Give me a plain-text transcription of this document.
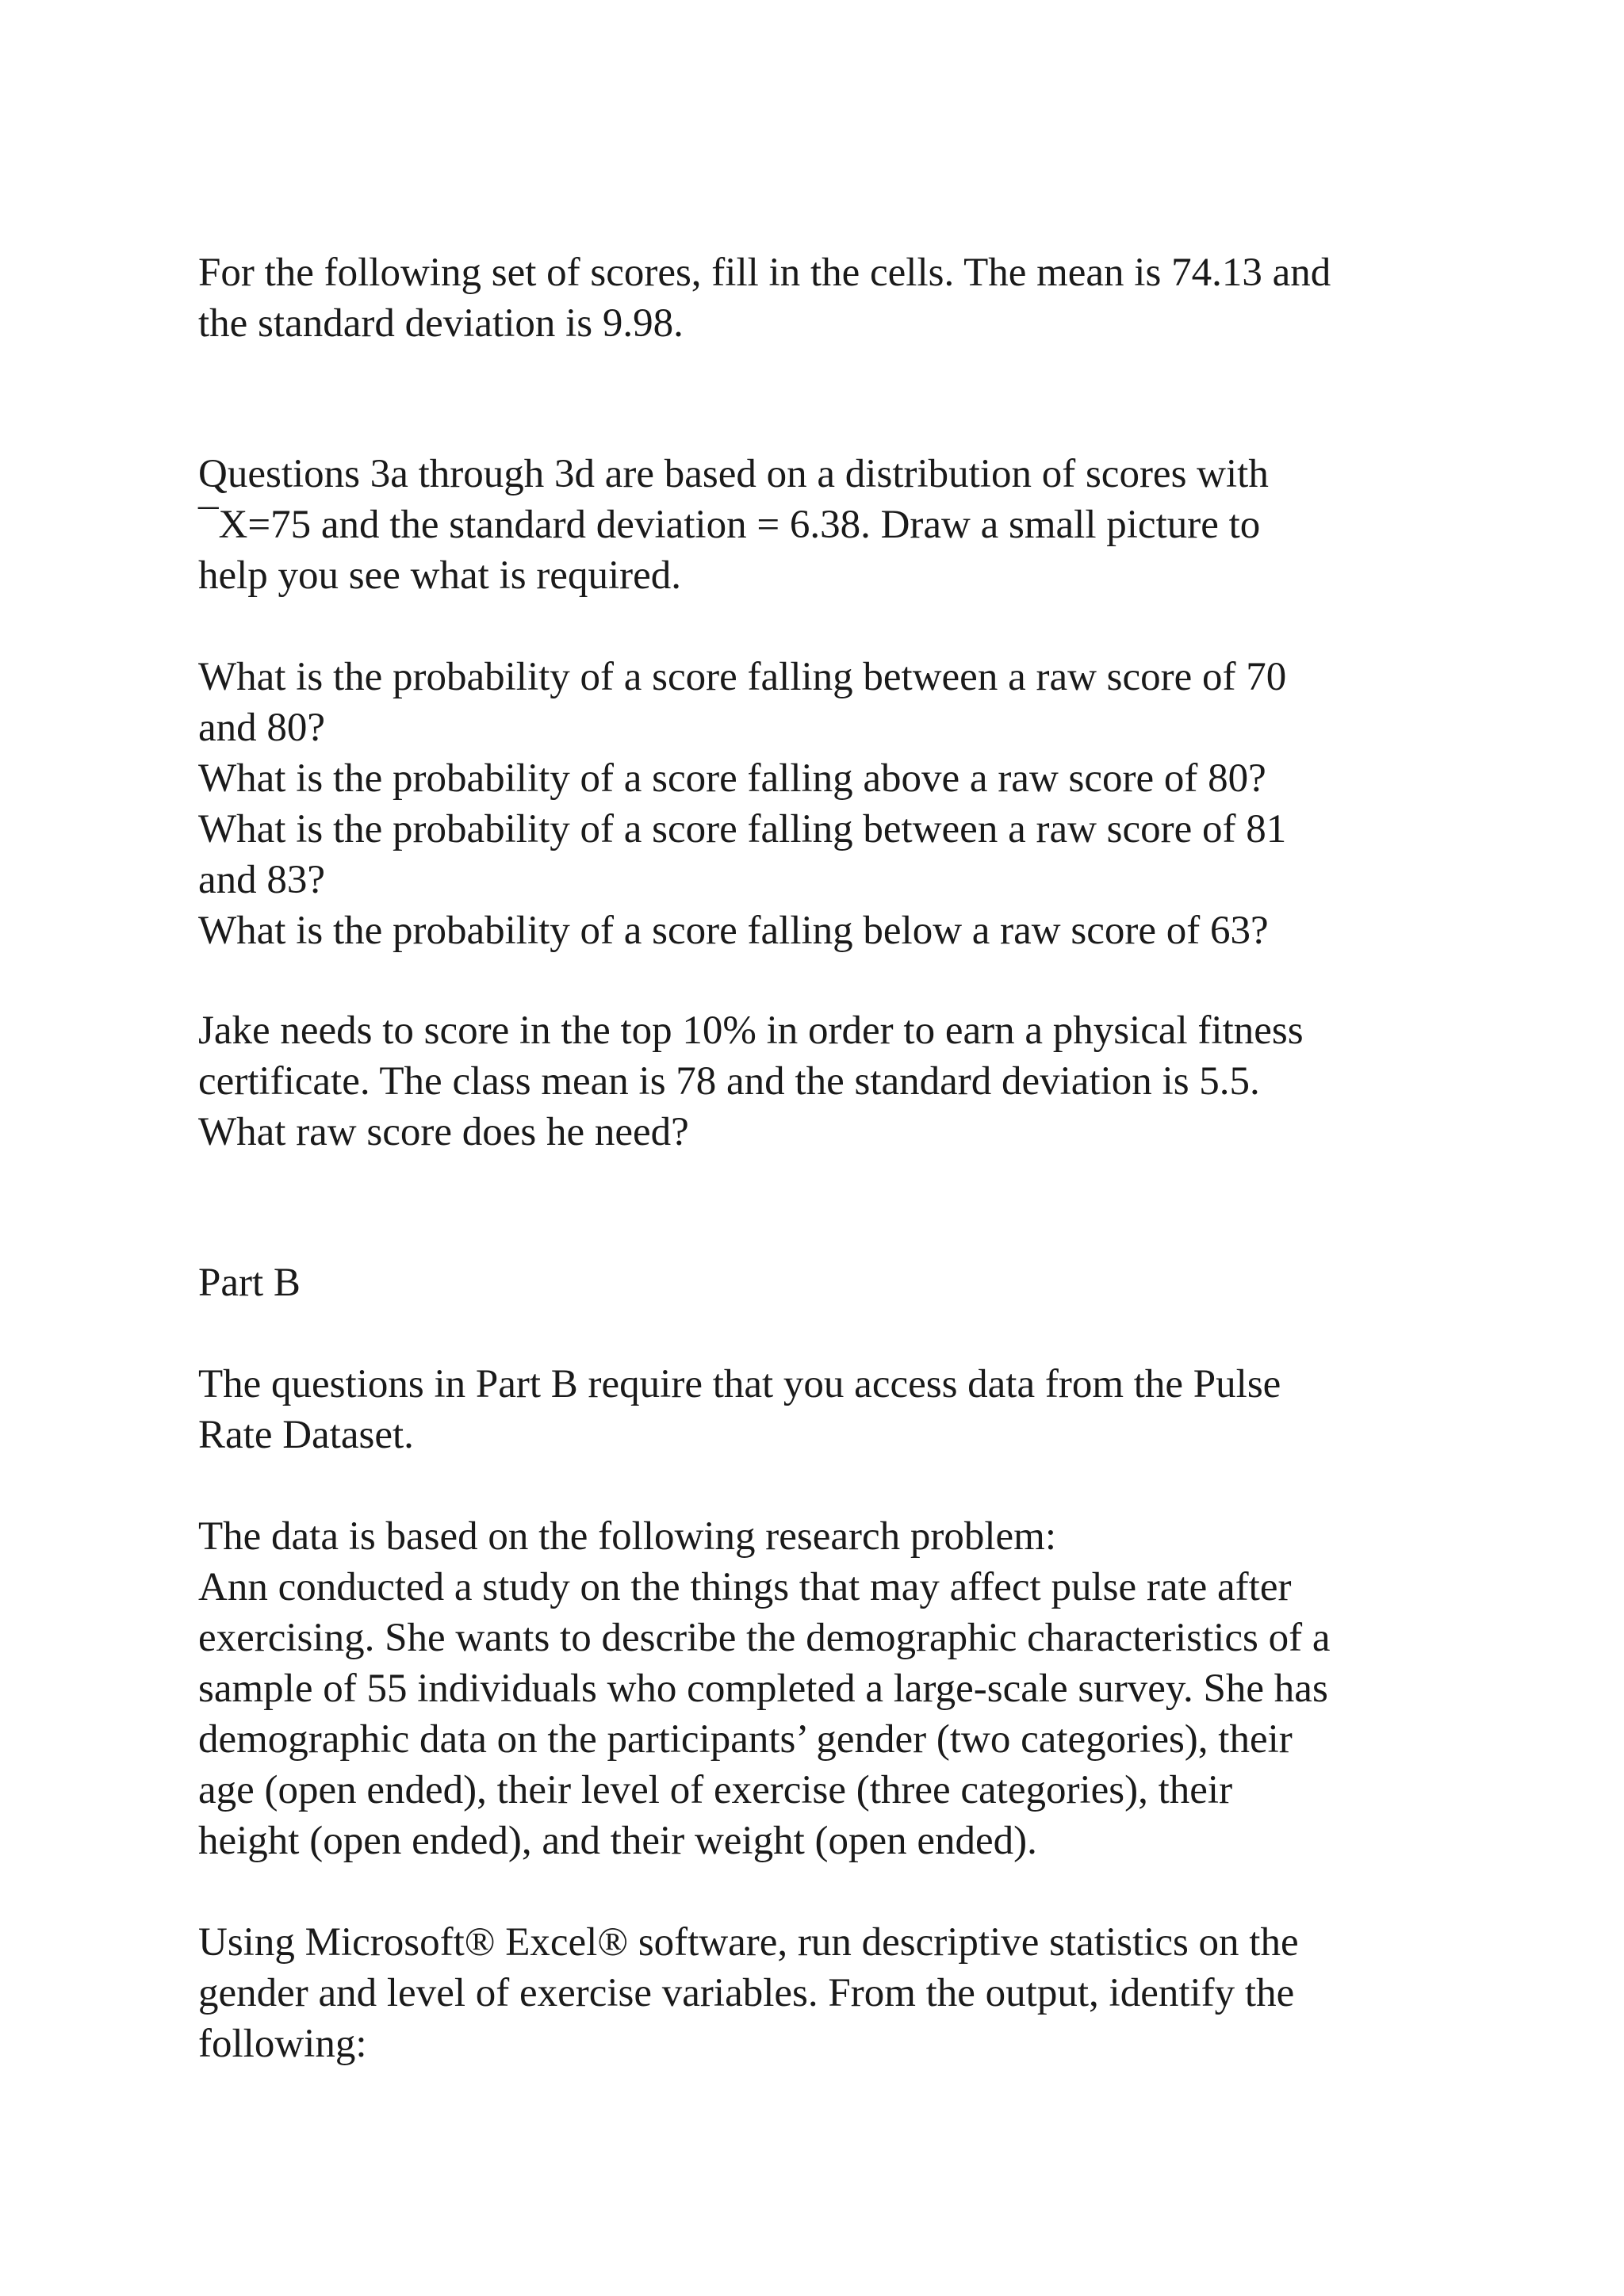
For the following set of scores, fill in the cells. The mean is 74.13 and
the standard deviation is 9.98.
Questions 3a through 3d are based on a distribution of scores with
¯X=75 and the standard deviation = 6.38. Draw a small picture to
help you see what is required.
What is the probability of a score falling between a raw score of 70
and 80?
What is the probability of a score falling above a raw score of 80?
What is the probability of a score falling between a raw score of 81
and 83?
What is the probability of a score falling below a raw score of 63?
Jake needs to score in the top 10% in order to earn a physical fitness
certificate. The class mean is 78 and the standard deviation is 5.5.
What raw score does he need?
Part B
The questions in Part B require that you access data from the Pulse
Rate Dataset.
The data is based on the following research problem:
Ann conducted a study on the things that may affect pulse rate after
exercising. She wants to describe the demographic characteristics of a
sample of 55 individuals who completed a large-scale survey. She has
demographic data on the participants’ gender (two categories), their
age (open ended), their level of exercise (three categories), their
height (open ended), and their weight (open ended).
Using Microsoft® Excel® software, run descriptive statistics on the
gender and level of exercise variables. From the output, identify the
following:
